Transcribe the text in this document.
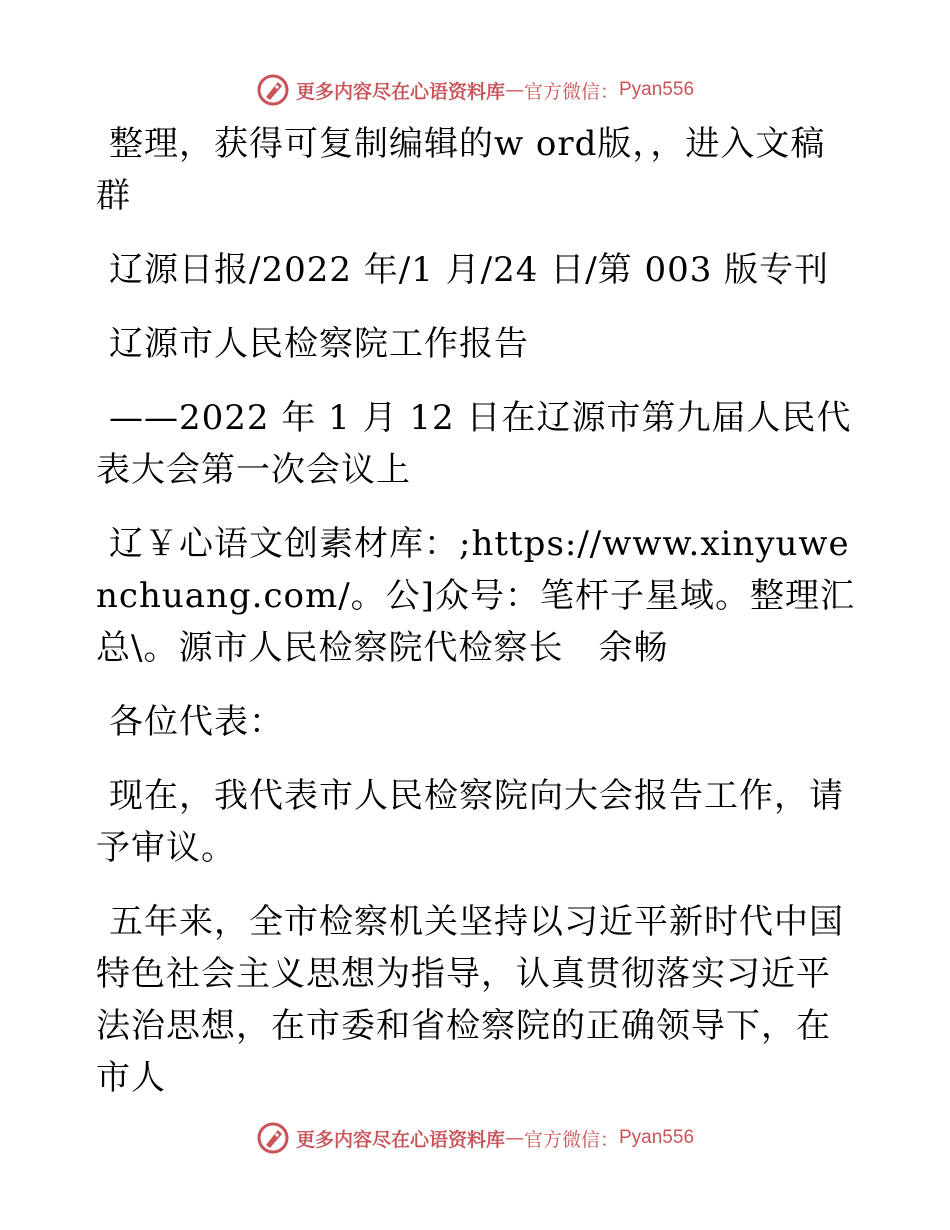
更多内容尽在心语资料库 — 官方微信： Pyan556

整理，获得可复制编辑的w ord版，，进入文稿群

辽源日报/2022 年/1 月/24 日/第 003 版专刊

辽源市人民检察院工作报告

——2022 年 1 月 12 日在辽源市第九届人民代表大会第一次会议上

辽￥心语文创素材库：;https://www.xinyuwenchuang.com/。公]众号：笔杆子星域。整理汇总\。源市人民检察院代检察长　余畅

各位代表：

现在，我代表市人民检察院向大会报告工作，请予审议。

五年来，全市检察机关坚持以习近平新时代中国特色社会主义思想为指导，认真贯彻落实习近平法治思想，在市委和省检察院的正确领导下，在市人

更多内容尽在心语资料库 — 官方微信： Pyan556
